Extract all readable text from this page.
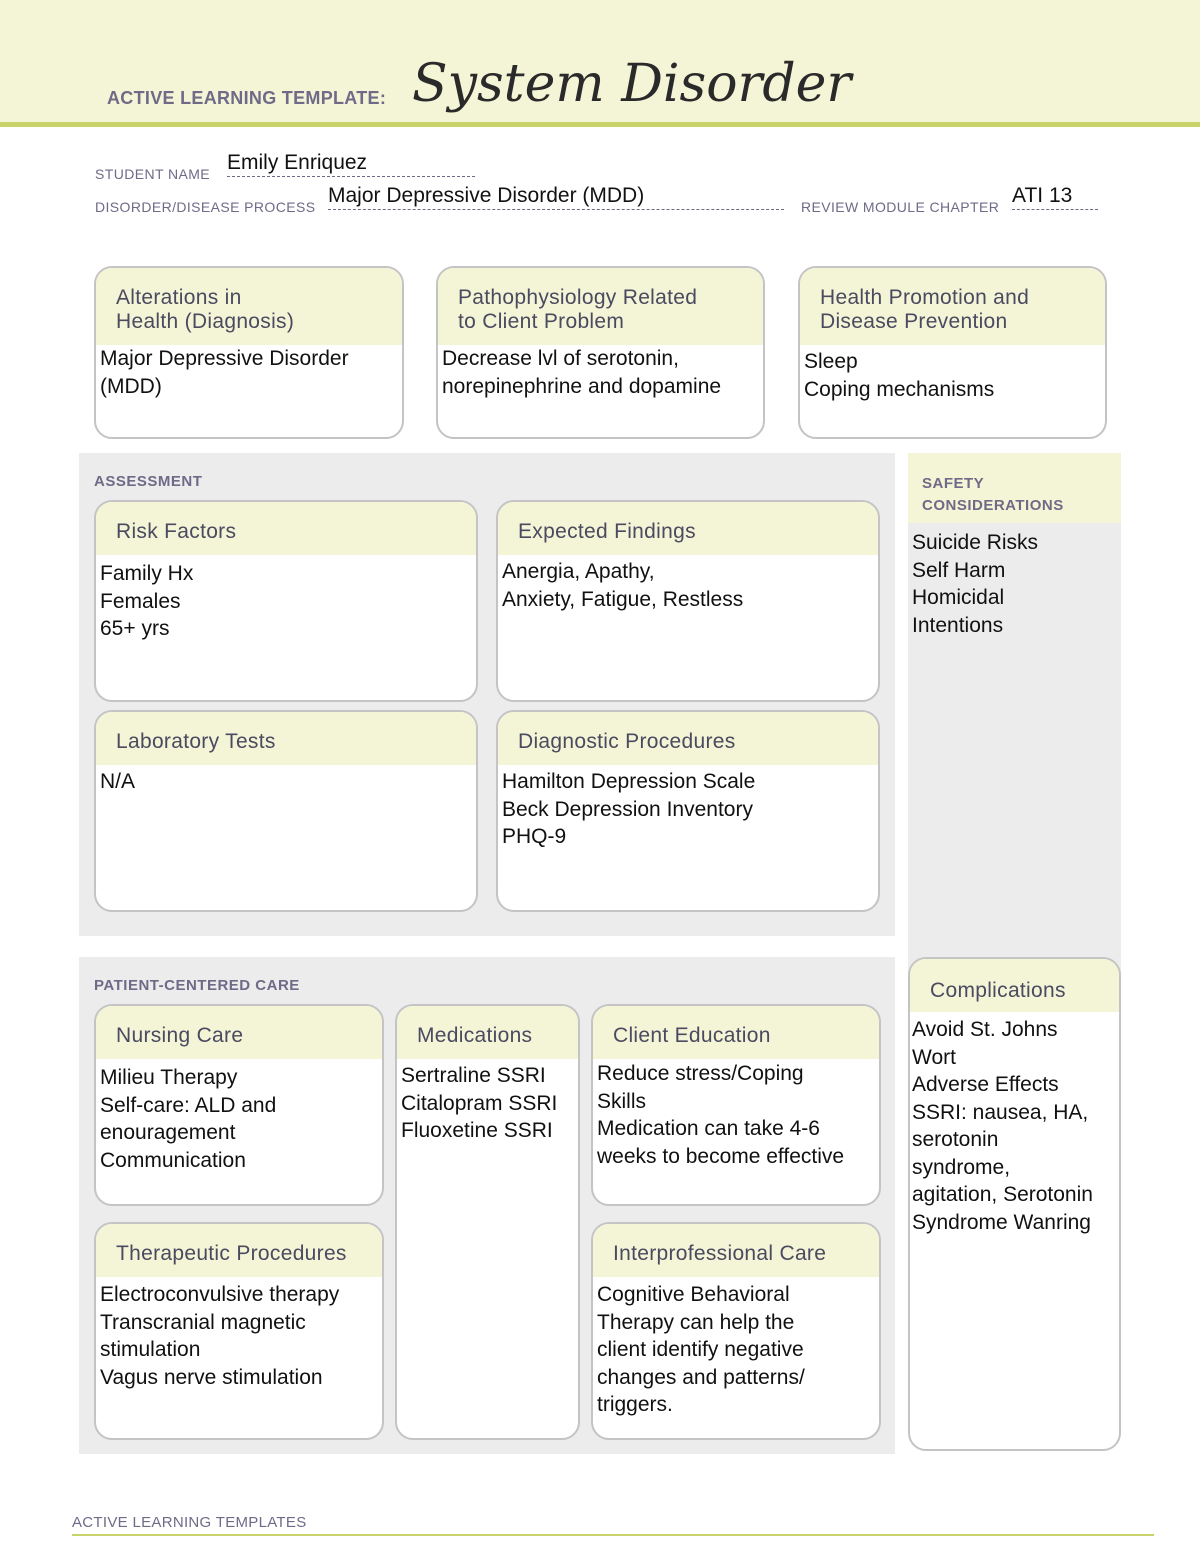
ACTIVE LEARNING TEMPLATE: System Disorder
STUDENT NAME Emily Enriquez
DISORDER/DISEASE PROCESS Major Depressive Disorder (MDD)	REVIEW MODULE CHAPTER ATI 13
Alterations in
Health (Diagnosis)
Major Depressive Disorder
(MDD)
Pathophysiology Related
to Client Problem
Decrease lvl of serotonin,
norepinephrine and dopamine
Health Promotion and
Disease Prevention
Sleep
Coping mechanisms
ASSESSMENT
Risk Factors
Family Hx
Females
65+ yrs
Expected Findings
Anergia, Apathy,
Anxiety, Fatigue, Restless
Laboratory Tests
N/A
Diagnostic Procedures
Hamilton Depression Scale
Beck Depression Inventory
PHQ-9
SAFETY
CONSIDERATIONS
Suicide Risks
Self Harm
Homicidal
Intentions
PATIENT-CENTERED CARE
Nursing Care
Milieu Therapy
Self-care: ALD and
enouragement
Communication
Medications
Sertraline SSRI
Citalopram SSRI
Fluoxetine SSRI
Client Education
Reduce stress/Coping
Skills
Medication can take 4-6
weeks to become effective
Therapeutic Procedures
Electroconvulsive therapy
Transcranial magnetic
stimulation
Vagus nerve stimulation
Interprofessional Care
Cognitive Behavioral
Therapy can help the
client identify negative
changes and patterns/
triggers.
Complications
Avoid St. Johns
Wort
Adverse Effects
SSRI: nausea, HA,
serotonin
syndrome,
agitation, Serotonin
Syndrome Wanring
ACTIVE LEARNING TEMPLATES
